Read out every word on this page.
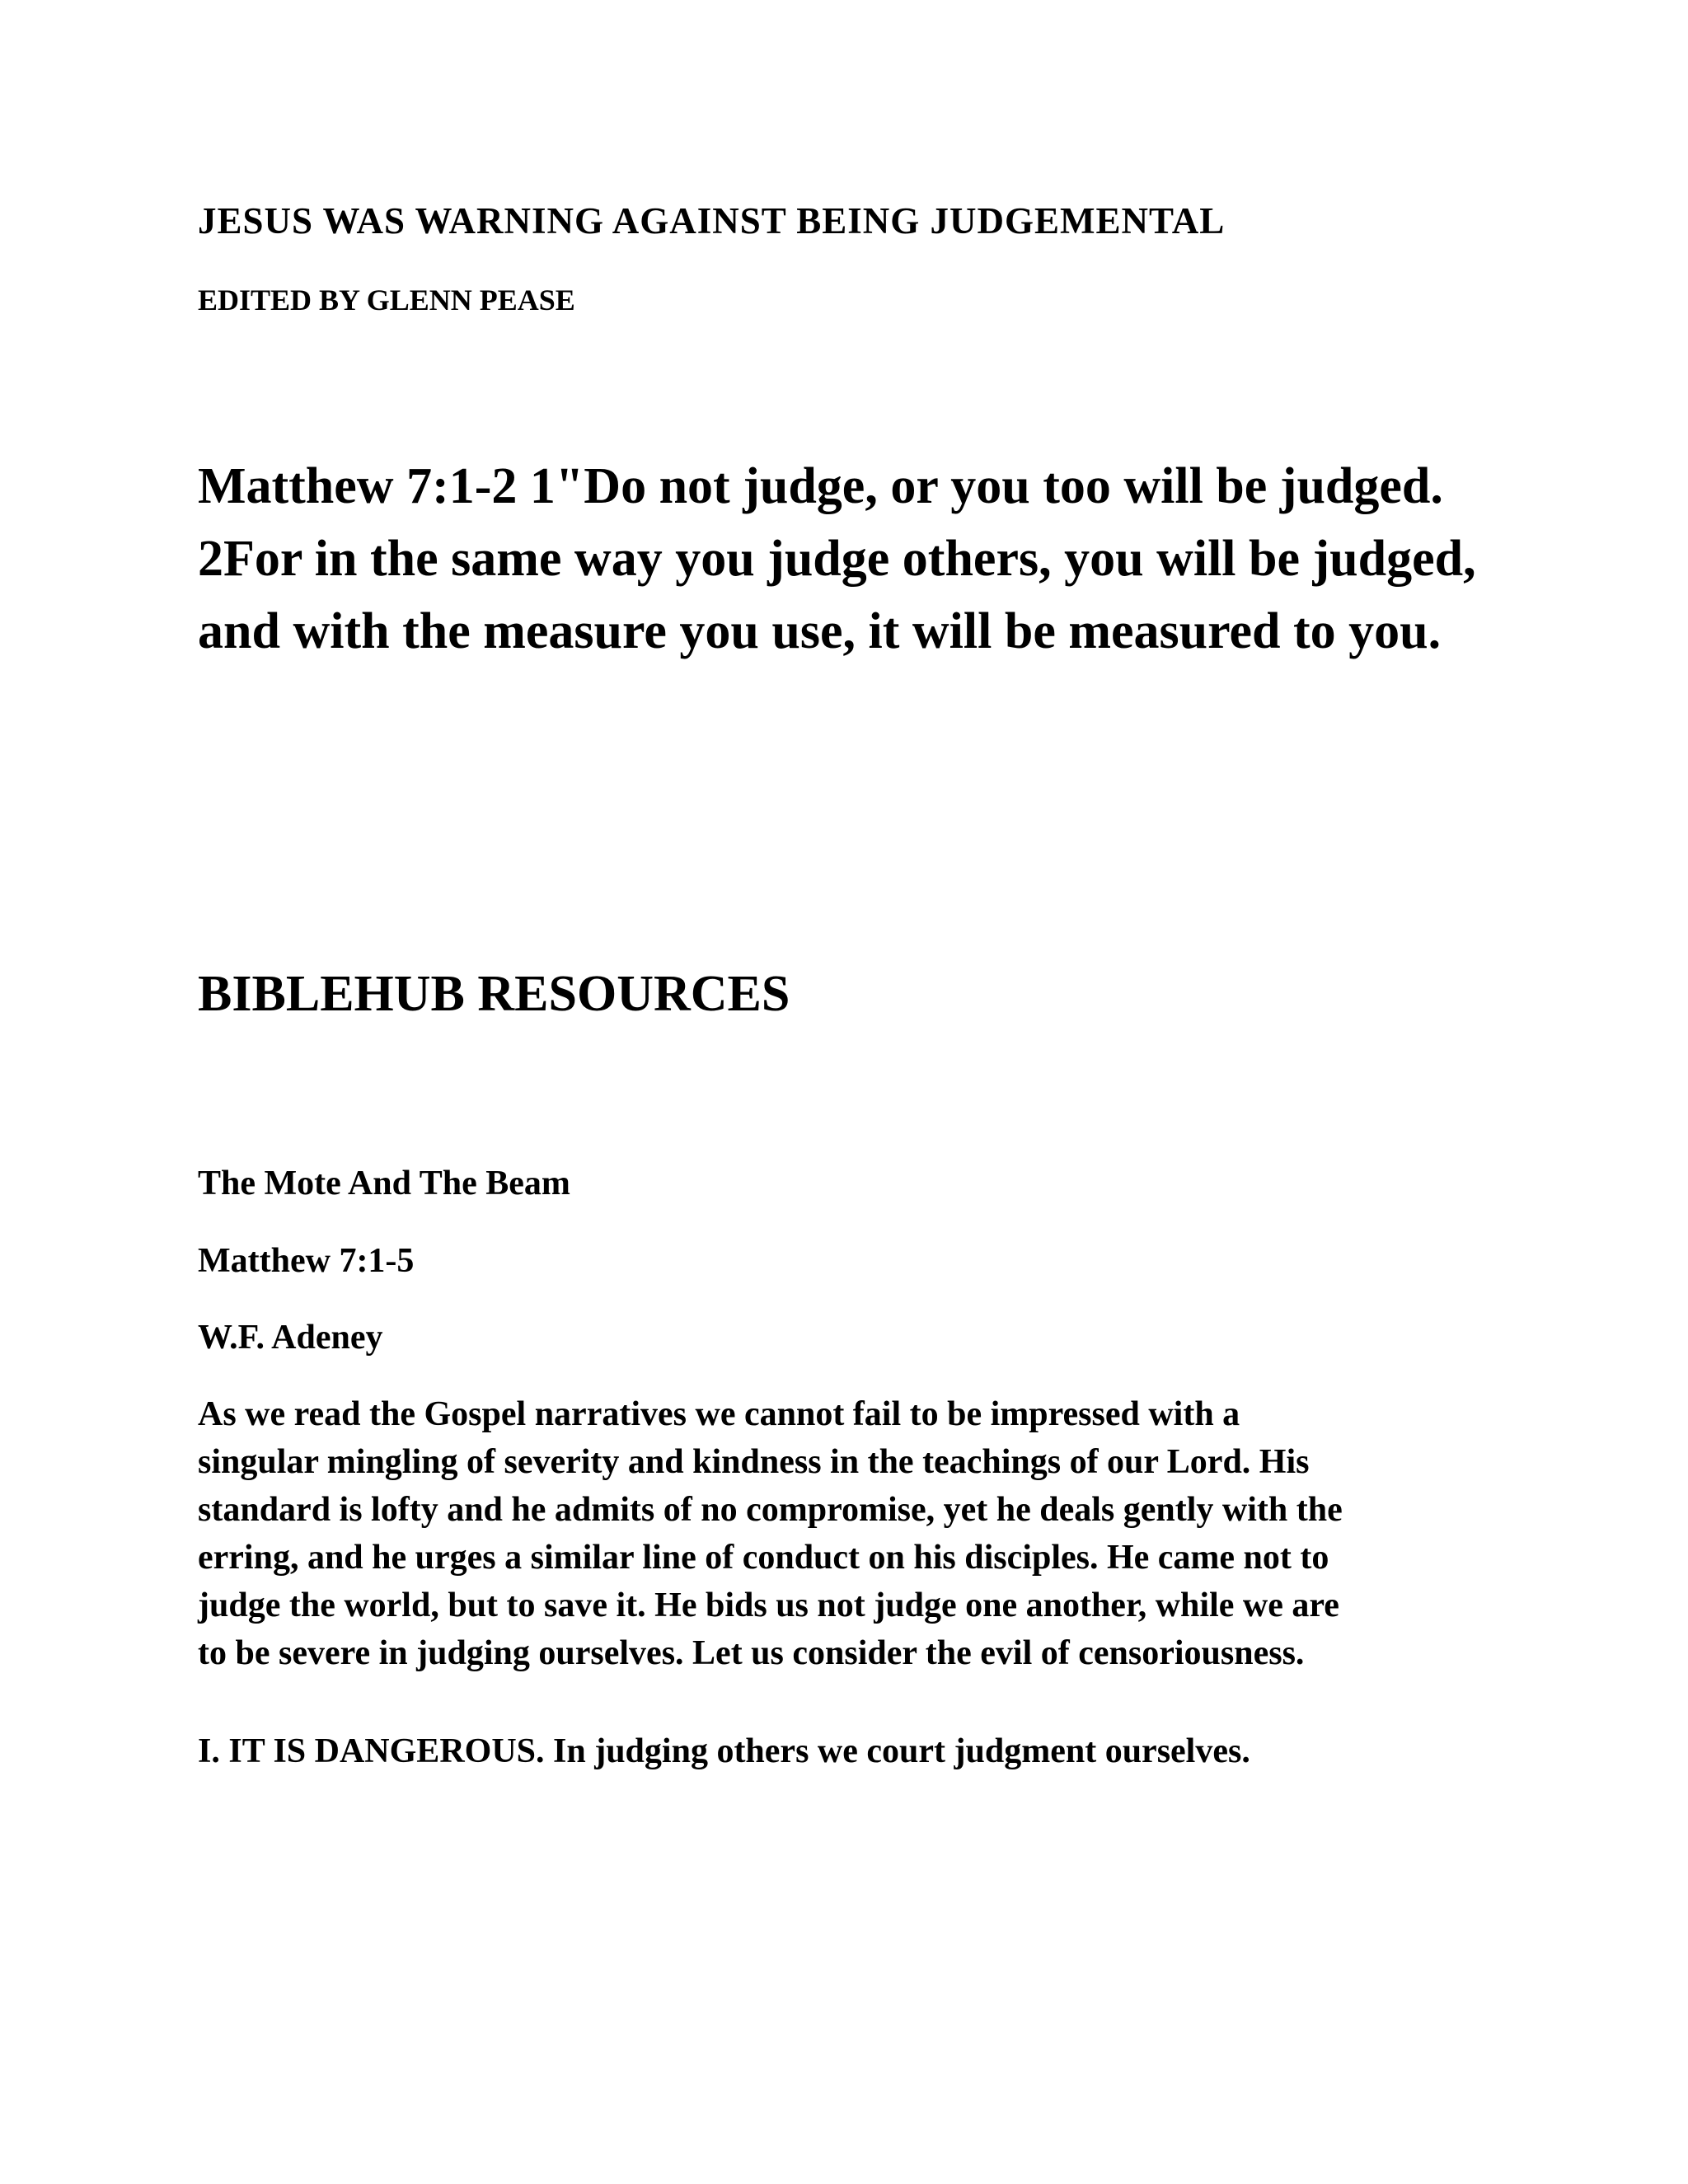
JESUS WAS WARNING AGAINST BEING JUDGEMENTAL
EDITED BY GLENN PEASE

Matthew 7:1-2 1"Do not judge, or you too will be judged. 2For in the same way you judge others, you will be judged, and with the measure you use, it will be measured to you.

BIBLEHUB RESOURCES
The Mote And The Beam
Matthew 7:1-5
W.F. Adeney

As we read the Gospel narratives we cannot fail to be impressed with a
singular mingling of severity and kindness in the teachings of our Lord. His
standard is lofty and he admits of no compromise, yet he deals gently with the
erring, and he urges a similar line of conduct on his disciples. He came not to
judge the world, but to save it. He bids us not judge one another, while we are
to be severe in judging ourselves. Let us consider the evil of censoriousness.

I. IT IS DANGEROUS. In judging others we court judgment ourselves.
